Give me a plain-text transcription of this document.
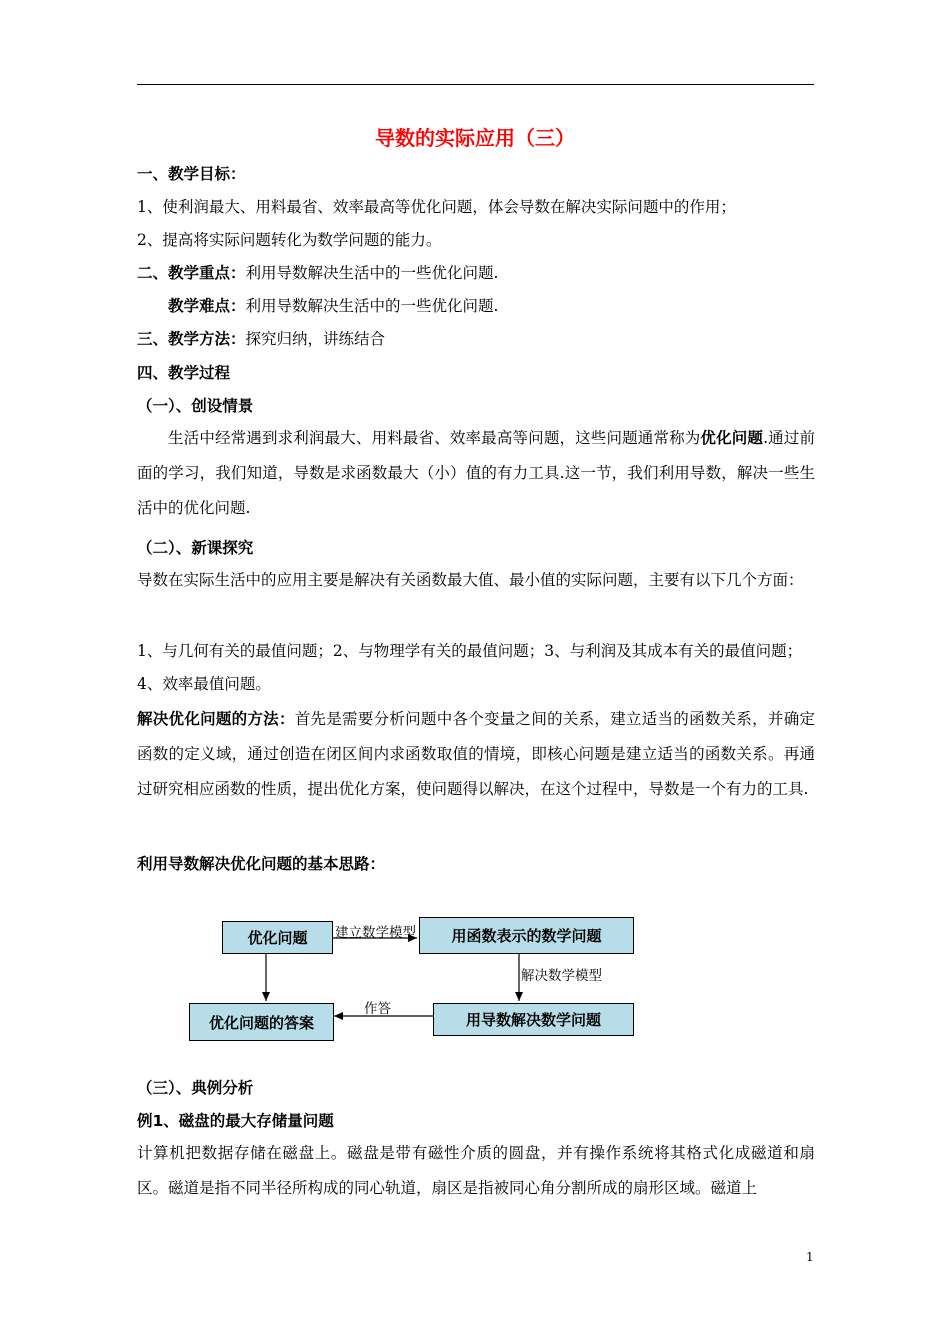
导数的实际应用（三）
一、教学目标：
1、使利润最大、用料最省、效率最高等优化问题，体会导数在解决实际问题中的作用；
2、提高将实际问题转化为数学问题的能力。
二、教学重点：利用导数解决生活中的一些优化问题.
教学难点：利用导数解决生活中的一些优化问题.
三、教学方法：探究归纳，讲练结合
四、教学过程
（一）、创设情景
生活中经常遇到求利润最大、用料最省、效率最高等问题，这些问题通常称为优化问题.通过前面的学习，我们知道，导数是求函数最大（小）值的有力工具.这一节，我们利用导数，解决一些生活中的优化问题.
（二）、新课探究
导数在实际生活中的应用主要是解决有关函数最大值、最小值的实际问题，主要有以下几个方面：
1、与几何有关的最值问题；2、与物理学有关的最值问题；3、与利润及其成本有关的最值问题；
4、效率最值问题。
解决优化问题的方法：首先是需要分析问题中各个变量之间的关系，建立适当的函数关系，并确定函数的定义域，通过创造在闭区间内求函数取值的情境，即核心问题是建立适当的函数关系。再通过研究相应函数的性质，提出优化方案，使问题得以解决，在这个过程中，导数是一个有力的工具.
利用导数解决优化问题的基本思路：
优化问题	用函数表示的数学问题
用导数解决数学问题
优化问题的答案
建立数学模型
解决数学模型
作答
（三）、典例分析
例1、磁盘的最大存储量问题
计算机把数据存储在磁盘上。磁盘是带有磁性介质的圆盘，并有操作系统将其格式化成磁道和扇区。磁道是指不同半径所构成的同心轨道，扇区是指被同心角分割所成的扇形区域。磁道上
1
